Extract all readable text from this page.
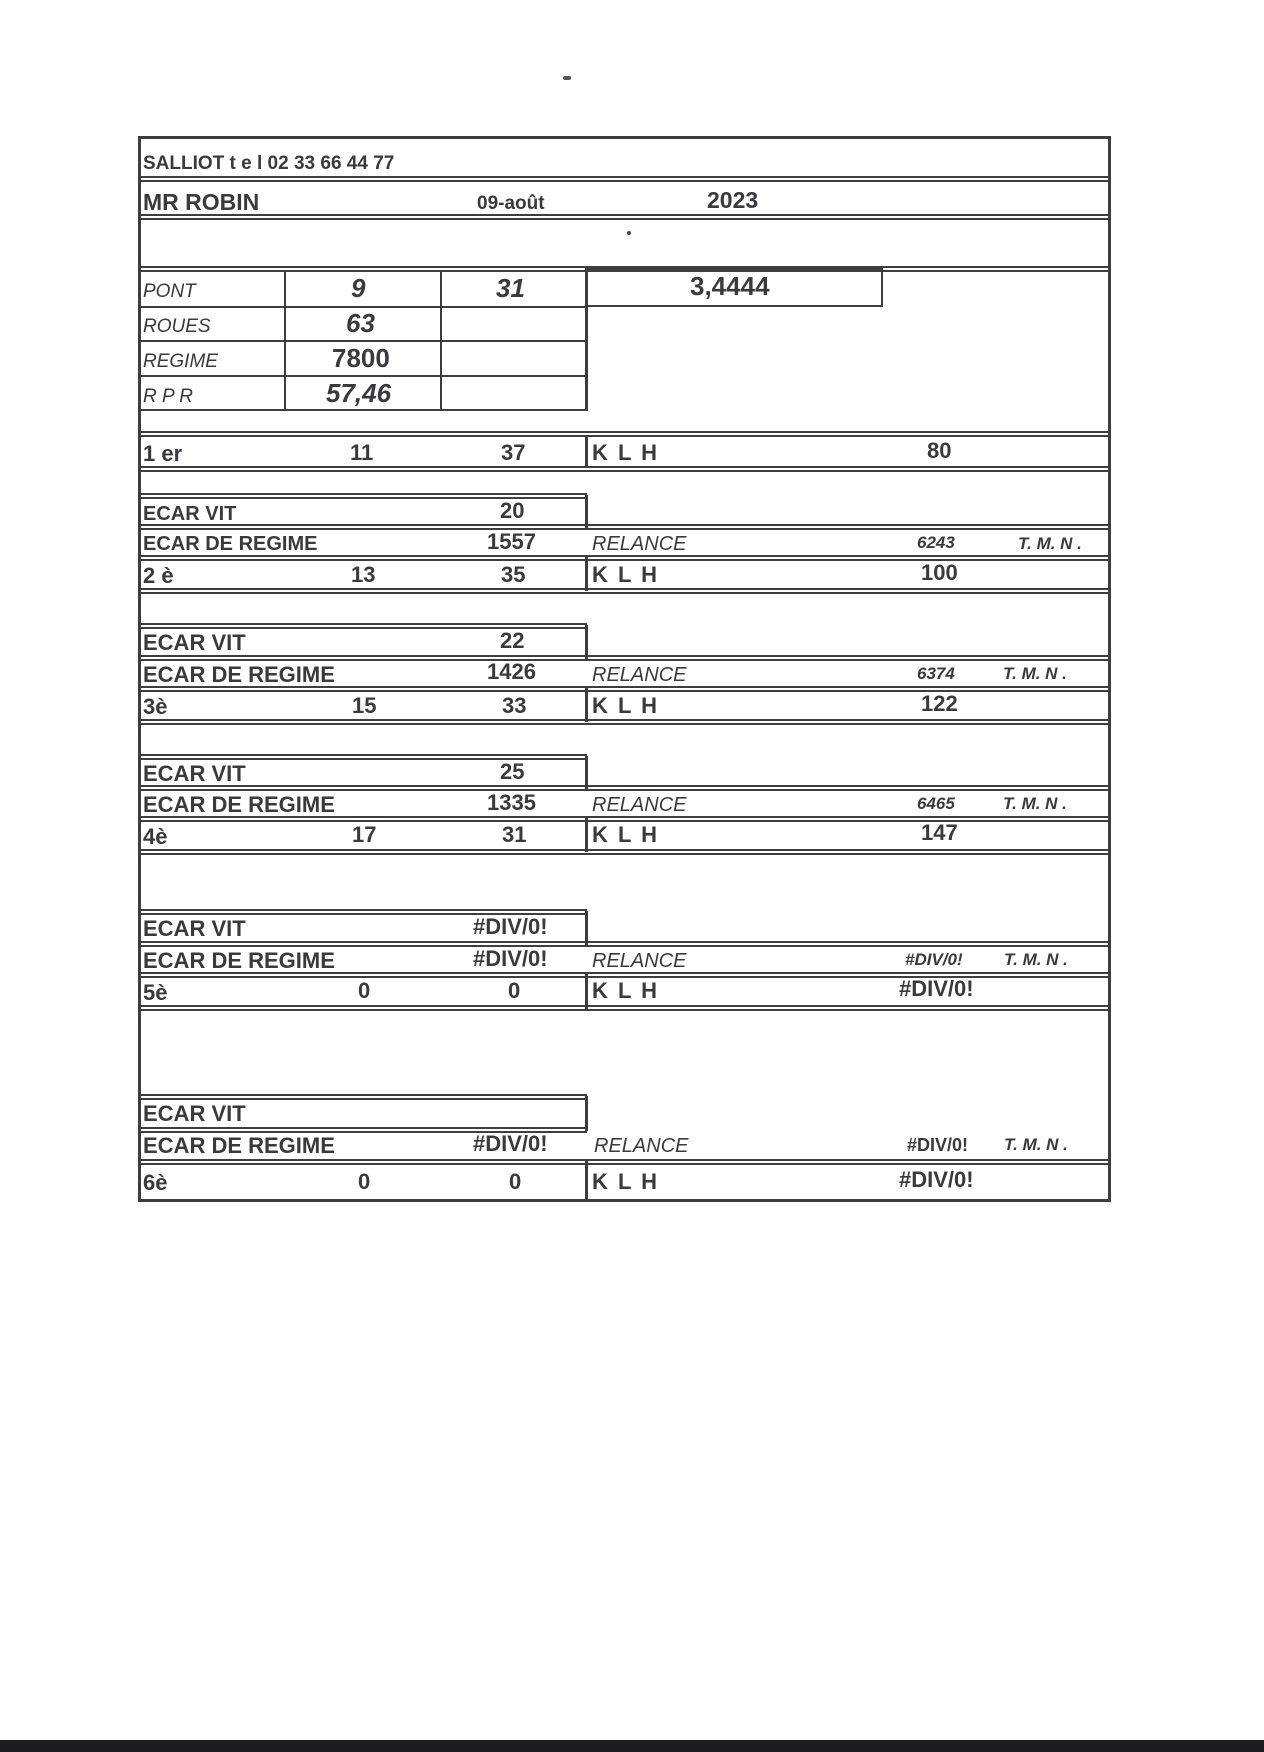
SALLIOT t e l 02 33 66 44 77
MR ROBIN	09-août	2023
PONT	9	31	3,4444
ROUES	63
REGIME	7800
R P R	57,46
1 er	11	37	K L H	80
ECAR VIT	20
ECAR DE REGIME	1557	RELANCE	6243	T. M. N .
2 è	13	35	K L H	100
ECAR VIT	22
ECAR DE REGIME	1426	RELANCE	6374	T. M. N .
3è	15	33	K L H	122
ECAR VIT	25
ECAR DE REGIME	1335	RELANCE	6465	T. M. N .
4è	17	31	K L H	147
ECAR VIT	#DIV/0!
ECAR DE REGIME	#DIV/0! RELANCE	#DIV/0! T. M. N .
5è	0	0	K L H	#DIV/0!
ECAR VIT
ECAR DE REGIME	#DIV/0! RELANCE	#DIV/0! T. M. N .
6è	0	0	K L H	#DIV/0!
